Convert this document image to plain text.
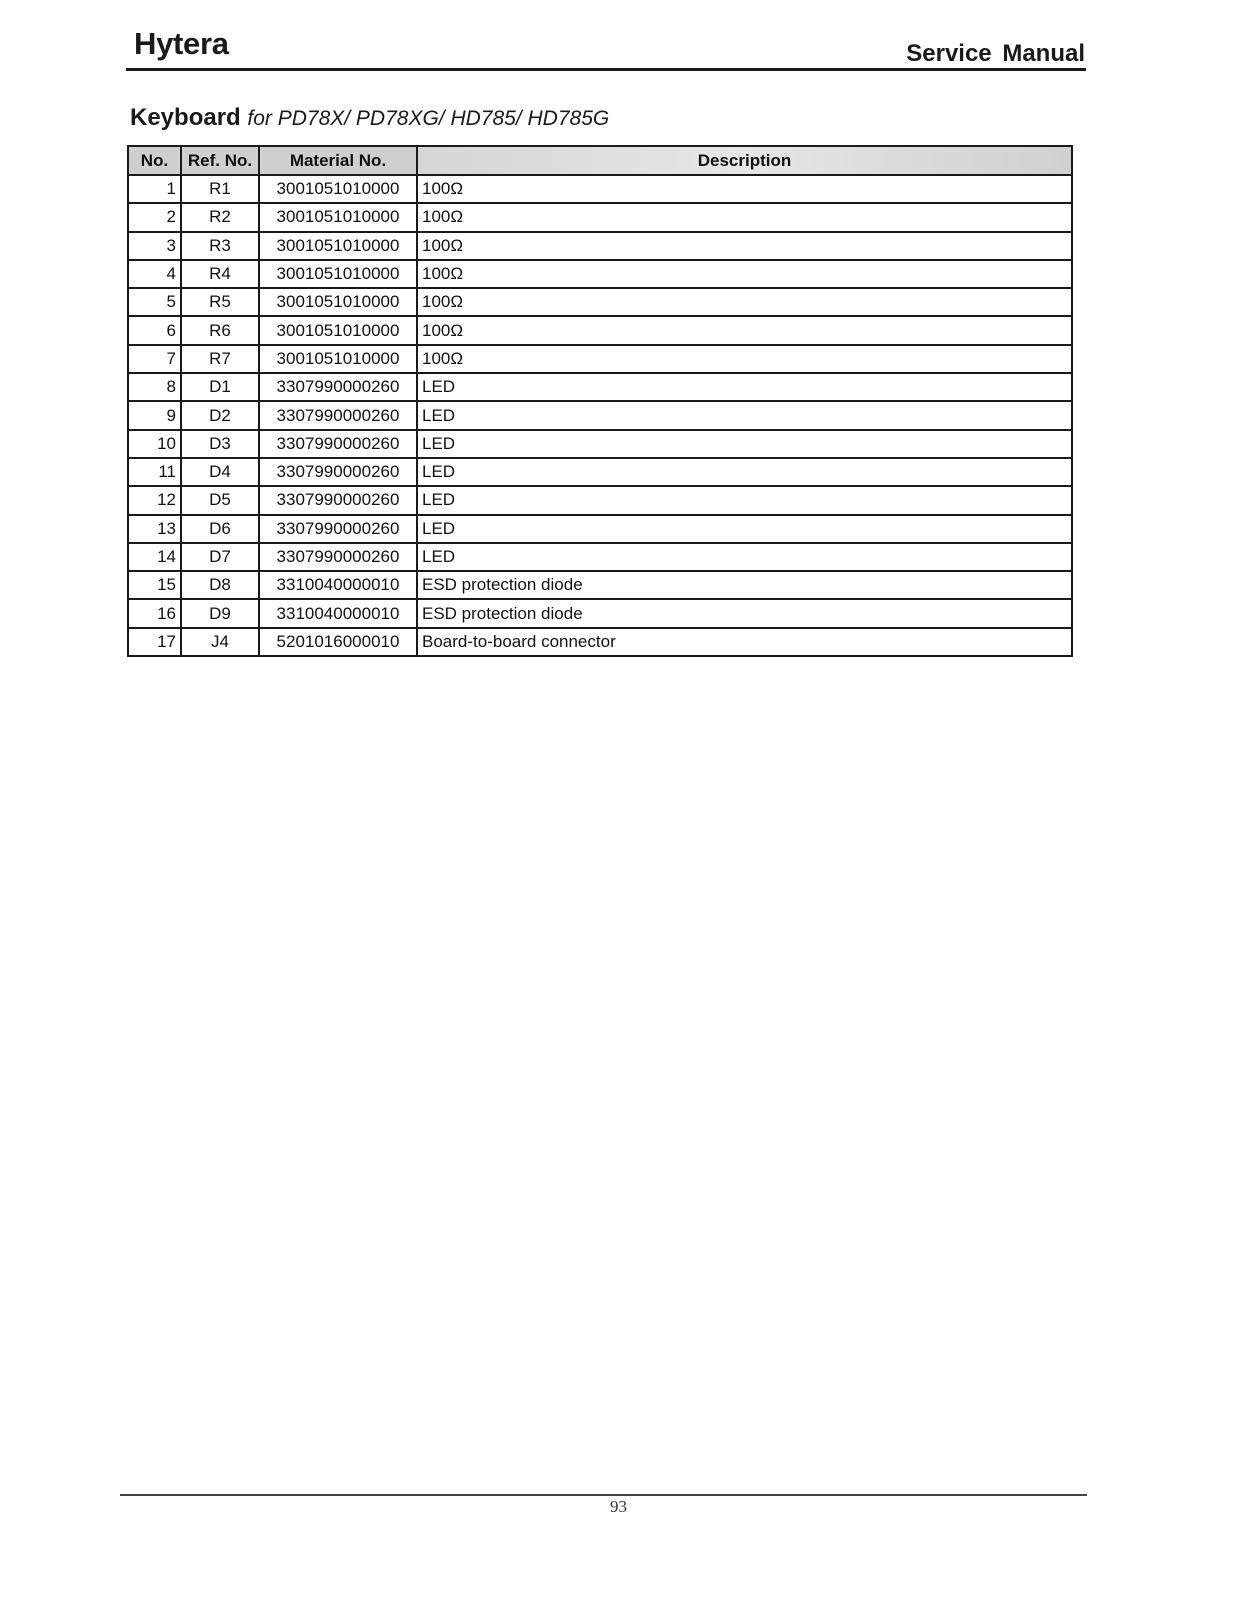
Hytera	Service Manual
Keyboard for PD78X/ PD78XG/ HD785/ HD785G
No.	Ref. No.	Material No.	Description
1	R1	3001051010000	100Ω
2	R2	3001051010000	100Ω
3	R3	3001051010000	100Ω
4	R4	3001051010000	100Ω
5	R5	3001051010000	100Ω
6	R6	3001051010000	100Ω
7	R7	3001051010000	100Ω
8	D1	3307990000260	LED
9	D2	3307990000260	LED
10	D3	3307990000260	LED
11	D4	3307990000260	LED
12	D5	3307990000260	LED
13	D6	3307990000260	LED
14	D7	3307990000260	LED
15	D8	3310040000010	ESD protection diode
16	D9	3310040000010	ESD protection diode
17	J4	5201016000010	Board-to-board connector
93
